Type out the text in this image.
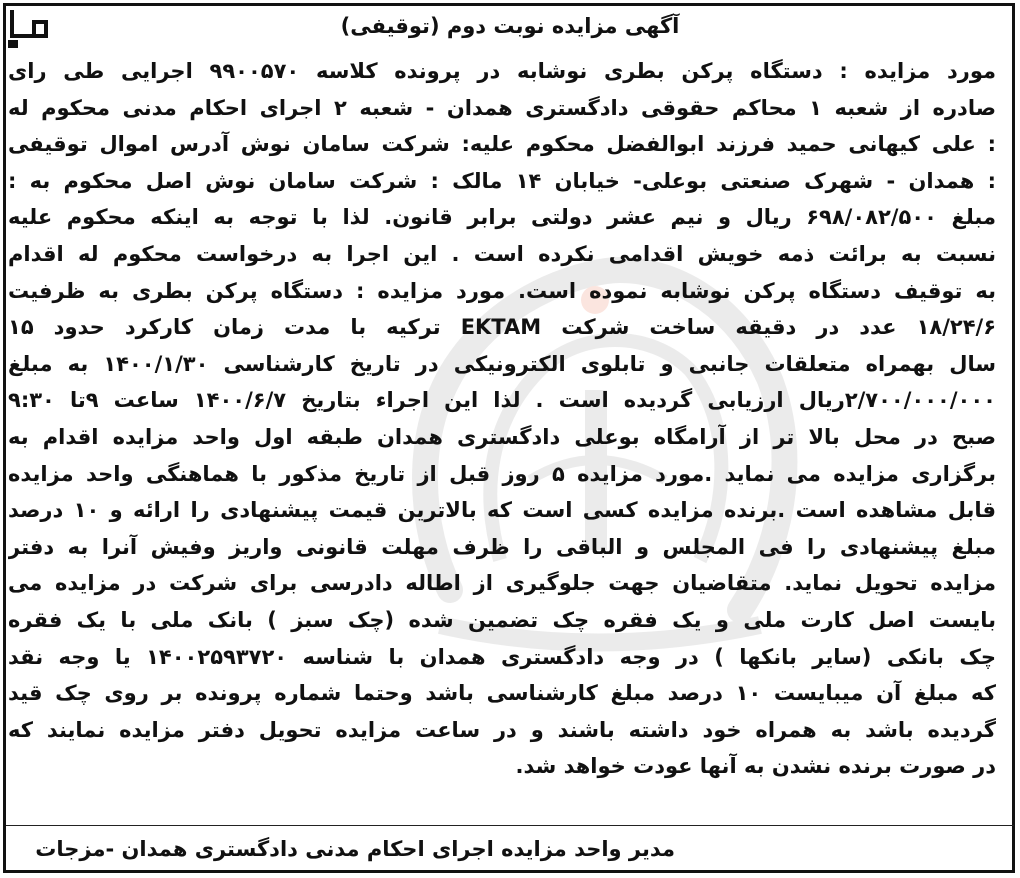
آگهی مزایده نوبت دوم (توقیفی)
مورد مزایده : دستگاه پرکن بطری نوشابه در پرونده کلاسه ۹۹۰۰۵۷۰ اجرایی طی رای
صادره از شعبه ۱ محاکم حقوقی دادگستری همدان - شعبه ۲ اجرای احکام مدنی محکوم له
: علی کیهانی حمید فرزند ابوالفضل محکوم علیه: شرکت سامان نوش آدرس اموال توقیفی
: همدان - شهرک صنعتی بوعلی- خیابان ۱۴ مالک : شرکت سامان نوش اصل محکوم به :
مبلغ ۶۹۸/۰۸۲/۵۰۰ ریال و نیم عشر دولتی برابر قانون. لذا با توجه به اینکه محکوم علیه
نسبت به برائت ذمه خویش اقدامی نکرده است . این اجرا به درخواست محکوم له اقدام
به توقیف دستگاه پرکن نوشابه نموده است. مورد مزایده : دستگاه پرکن بطری به ظرفیت
۱۸/۲۴/۶ عدد در دقیقه ساخت شرکت EKTAM ترکیه با مدت زمان کارکرد حدود ۱۵
سال بهمراه متعلقات جانبی و تابلوی الکترونیکی در تاریخ کارشناسی ۱۴۰۰/۱/۳۰ به مبلغ
۲/۷۰۰/۰۰۰/۰۰۰ریال ارزیابی گردیده است . لذا این اجراء بتاریخ ۱۴۰۰/۶/۷ ساعت ۹تا ۹:۳۰
صبح در محل بالا تر از آرامگاه بوعلی دادگستری همدان طبقه اول واحد مزایده اقدام به
برگزاری مزایده می نماید .مورد مزایده ۵ روز قبل از تاریخ مذکور با هماهنگی واحد مزایده
قابل مشاهده است .برنده مزایده کسی است که بالاترین قیمت پیشنهادی را ارائه و ۱۰ درصد
مبلغ پیشنهادی را فی المجلس و الباقی را ظرف مهلت قانونی واریز وفیش آنرا به دفتر
مزایده تحویل نماید. متقاضیان جهت جلوگیری از اطاله دادرسی برای شرکت در مزایده می
بایست اصل کارت ملی و یک فقره چک تضمین شده (چک سبز ) بانک ملی با یک فقره
چک بانکی (سایر بانکها ) در وجه دادگستری همدان با شناسه ۱۴۰۰۲۵۹۳۷۲۰ یا وجه نقد
که مبلغ آن میبایست ۱۰ درصد مبلغ کارشناسی باشد وحتما شماره پرونده بر روی چک قید
گردیده باشد به همراه خود داشته باشند و در ساعت مزایده تحویل دفتر مزایده نمایند که
در صورت برنده نشدن به آنها عودت خواهد شد.
مدیر واحد مزایده اجرای احکام مدنی دادگستری همدان -مزجات
